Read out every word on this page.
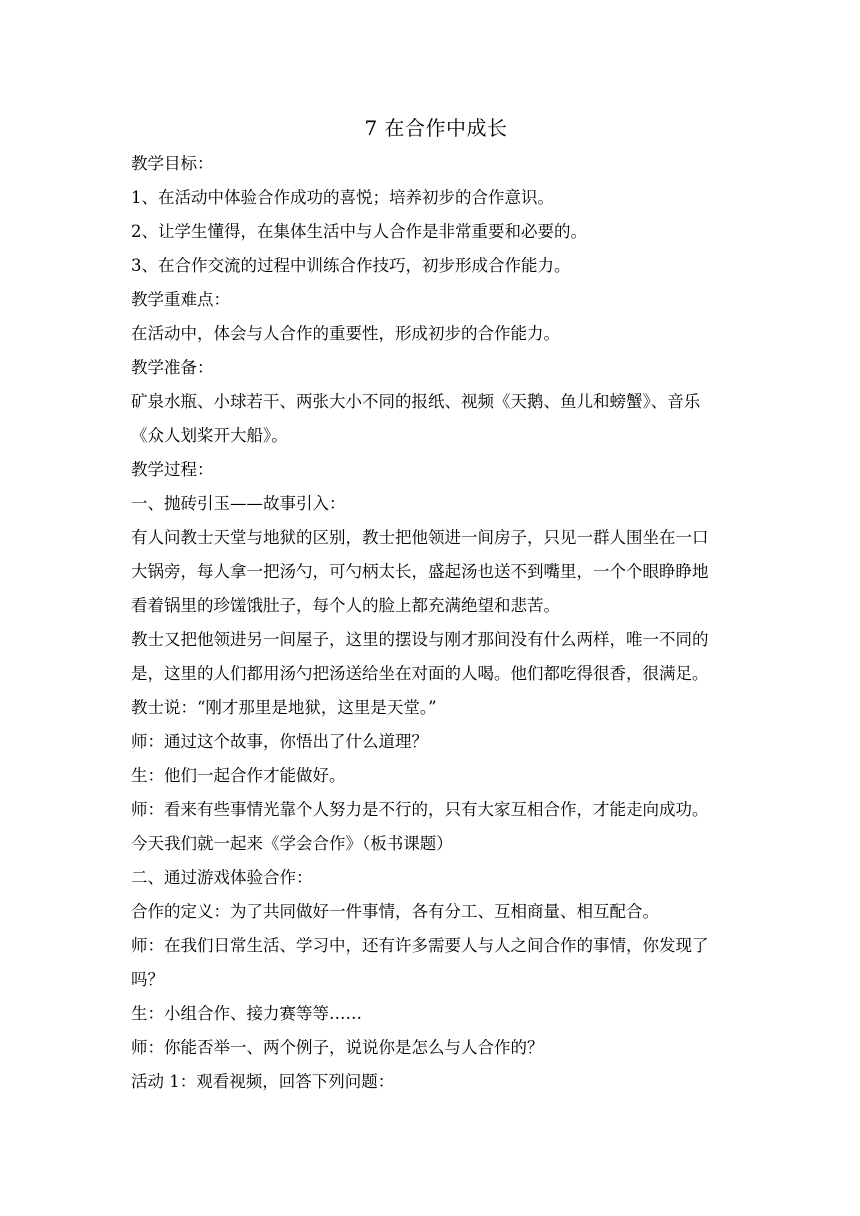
7 在合作中成长

教学目标：

1、在活动中体验合作成功的喜悦；培养初步的合作意识。

2、让学生懂得，在集体生活中与人合作是非常重要和必要的。

3、在合作交流的过程中训练合作技巧，初步形成合作能力。

教学重难点：

在活动中，体会与人合作的重要性，形成初步的合作能力。

教学准备：

矿泉水瓶、小球若干、两张大小不同的报纸、视频《天鹅、鱼儿和螃蟹》、音乐

《众人划桨开大船》。

教学过程：

一、抛砖引玉——故事引入：

有人问教士天堂与地狱的区别，教士把他领进一间房子，只见一群人围坐在一口

大锅旁，每人拿一把汤勺，可勺柄太长，盛起汤也送不到嘴里，一个个眼睁睁地

看着锅里的珍馐饿肚子，每个人的脸上都充满绝望和悲苦。

教士又把他领进另一间屋子，这里的摆设与刚才那间没有什么两样，唯一不同的

是，这里的人们都用汤勺把汤送给坐在对面的人喝。他们都吃得很香，很满足。

教士说：“刚才那里是地狱，这里是天堂。”

师：通过这个故事，你悟出了什么道理？

生：他们一起合作才能做好。

师：看来有些事情光靠个人努力是不行的，只有大家互相合作，才能走向成功。

今天我们就一起来《学会合作》（板书课题）

二、通过游戏体验合作：

合作的定义：为了共同做好一件事情，各有分工、互相商量、相互配合。

师：在我们日常生活、学习中，还有许多需要人与人之间合作的事情，你发现了

吗？

生：小组合作、接力赛等等……

师：你能否举一、两个例子，说说你是怎么与人合作的？

活动 1：观看视频，回答下列问题：
